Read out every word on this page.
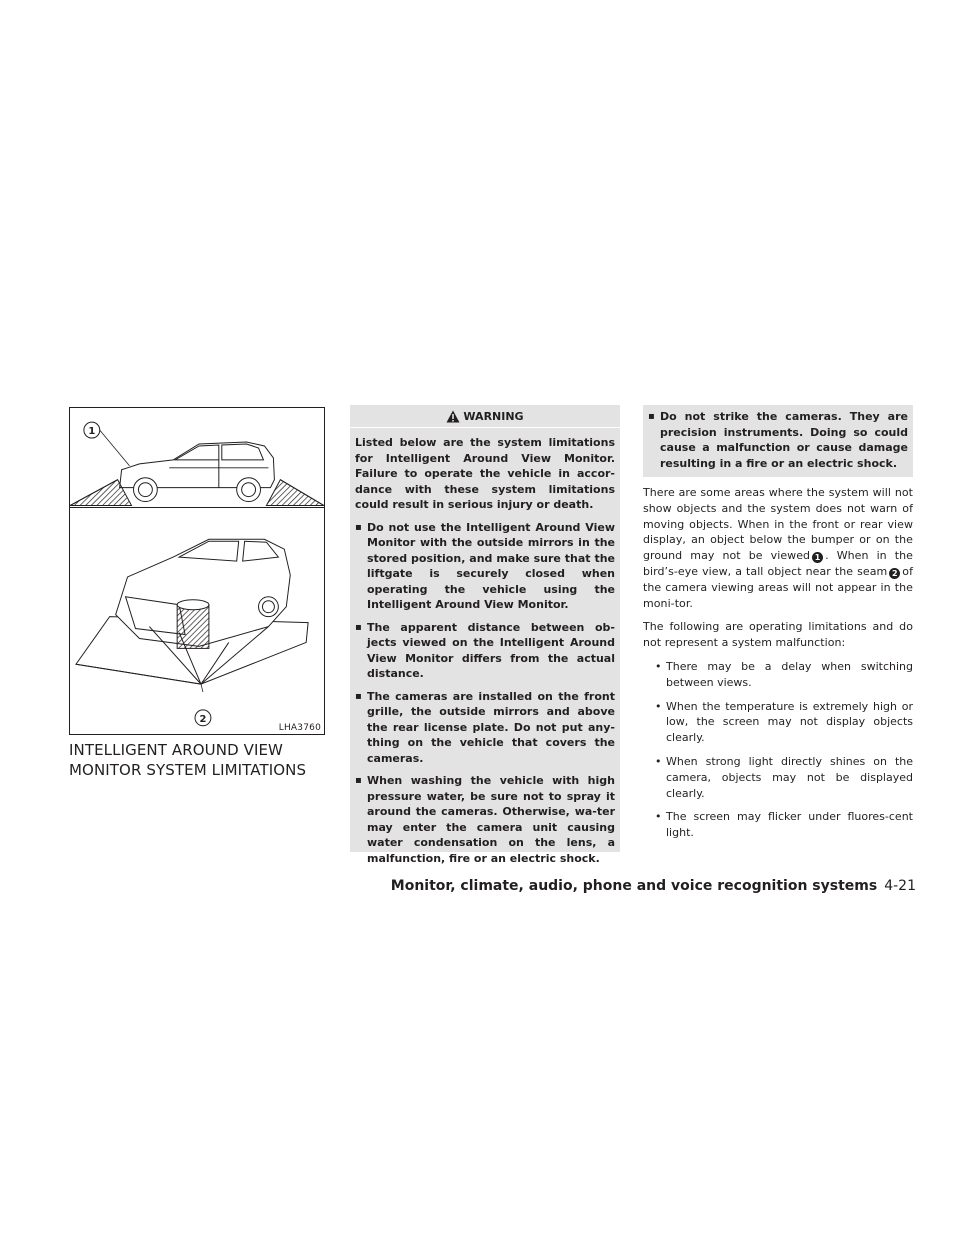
1
2
LHA3760
INTELLIGENT AROUND VIEW
MONITOR SYSTEM LIMITATIONS
WARNING

Listed below are the system limitations for Intelligent Around View Monitor. Failure to operate the vehicle in accor-dance with these system limitations could result in serious injury or death.

▪ Do not use the Intelligent Around View Monitor with the outside mirrors in the stored position, and make sure that the liftgate is securely closed when operating the vehicle using the Intelligent Around View Monitor.
▪ The apparent distance between ob-jects viewed on the Intelligent Around View Monitor differs from the actual distance.
▪ The cameras are installed on the front grille, the outside mirrors and above the rear license plate. Do not put any-thing on the vehicle that covers the cameras.
▪ When washing the vehicle with high pressure water, be sure not to spray it around the cameras. Otherwise, wa-ter may enter the camera unit causing water condensation on the lens, a malfunction, fire or an electric shock.
▪ Do not strike the cameras. They are precision instruments. Doing so could cause a malfunction or cause damage resulting in a fire or an electric shock.

There are some areas where the system will not show objects and the system does not warn of moving objects. When in the front or rear view display, an object below the bumper or on the ground may not be viewed 1 . When in the bird’s-eye view, a tall object near the seam 2 of the camera viewing areas will not appear in the moni-tor.

The following are operating limitations and do not represent a system malfunction:

• There may be a delay when switching between views.
• When the temperature is extremely high or low, the screen may not display objects clearly.
• When strong light directly shines on the camera, objects may not be displayed clearly.
• The screen may flicker under fluores-cent light.
Monitor, climate, audio, phone and voice recognition systems 4-21
